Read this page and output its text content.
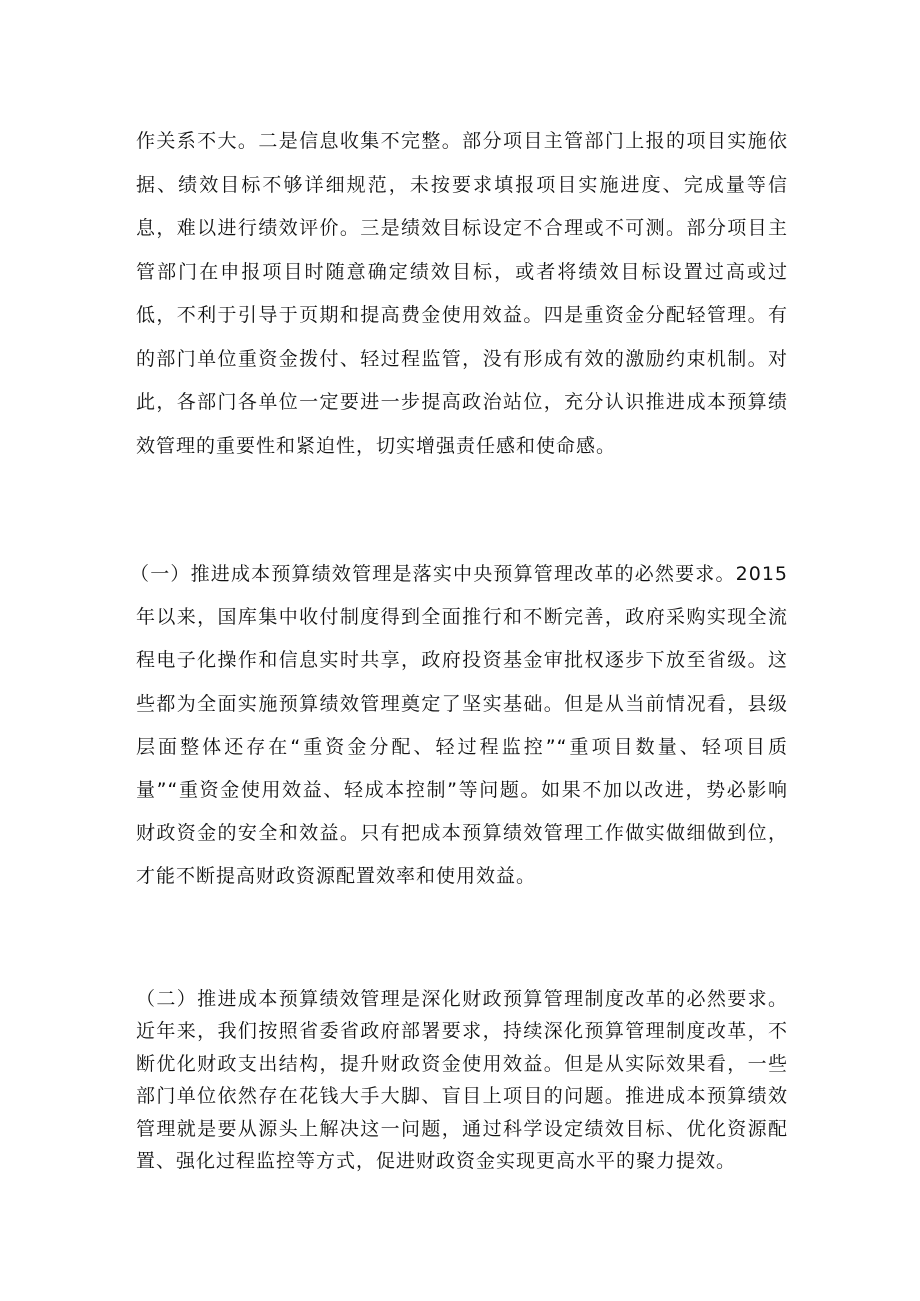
作关系不大。二是信息收集不完整。部分项目主管部门上报的项目实施依据、绩效目标不够详细规范，未按要求填报项目实施进度、完成量等信息，难以进行绩效评价。三是绩效目标设定不合理或不可测。部分项目主管部门在申报项目时随意确定绩效目标，或者将绩效目标设置过高或过低，不利于引导于页期和提高费金使用效益。四是重资金分配轻管理。有的部门单位重资金拨付、轻过程监管，没有形成有效的激励约束机制。对此，各部门各单位一定要进一步提高政治站位，充分认识推进成本预算绩效管理的重要性和紧迫性，切实增强责任感和使命感。

（一）推进成本预算绩效管理是落实中央预算管理改革的必然要求。2015年以来，国库集中收付制度得到全面推行和不断完善，政府采购实现全流程电子化操作和信息实时共享，政府投资基金审批权逐步下放至省级。这些都为全面实施预算绩效管理奠定了坚实基础。但是从当前情况看，县级层面整体还存在“重资金分配、轻过程监控”“重项目数量、轻项目质量”“重资金使用效益、轻成本控制”等问题。如果不加以改进，势必影响财政资金的安全和效益。只有把成本预算绩效管理工作做实做细做到位，才能不断提高财政资源配置效率和使用效益。

（二）推进成本预算绩效管理是深化财政预算管理制度改革的必然要求。近年来，我们按照省委省政府部署要求，持续深化预算管理制度改革，不断优化财政支出结构，提升财政资金使用效益。但是从实际效果看，一些部门单位依然存在花钱大手大脚、盲目上项目的问题。推进成本预算绩效管理就是要从源头上解决这一问题，通过科学设定绩效目标、优化资源配置、强化过程监控等方式，促进财政资金实现更高水平的聚力提效。
